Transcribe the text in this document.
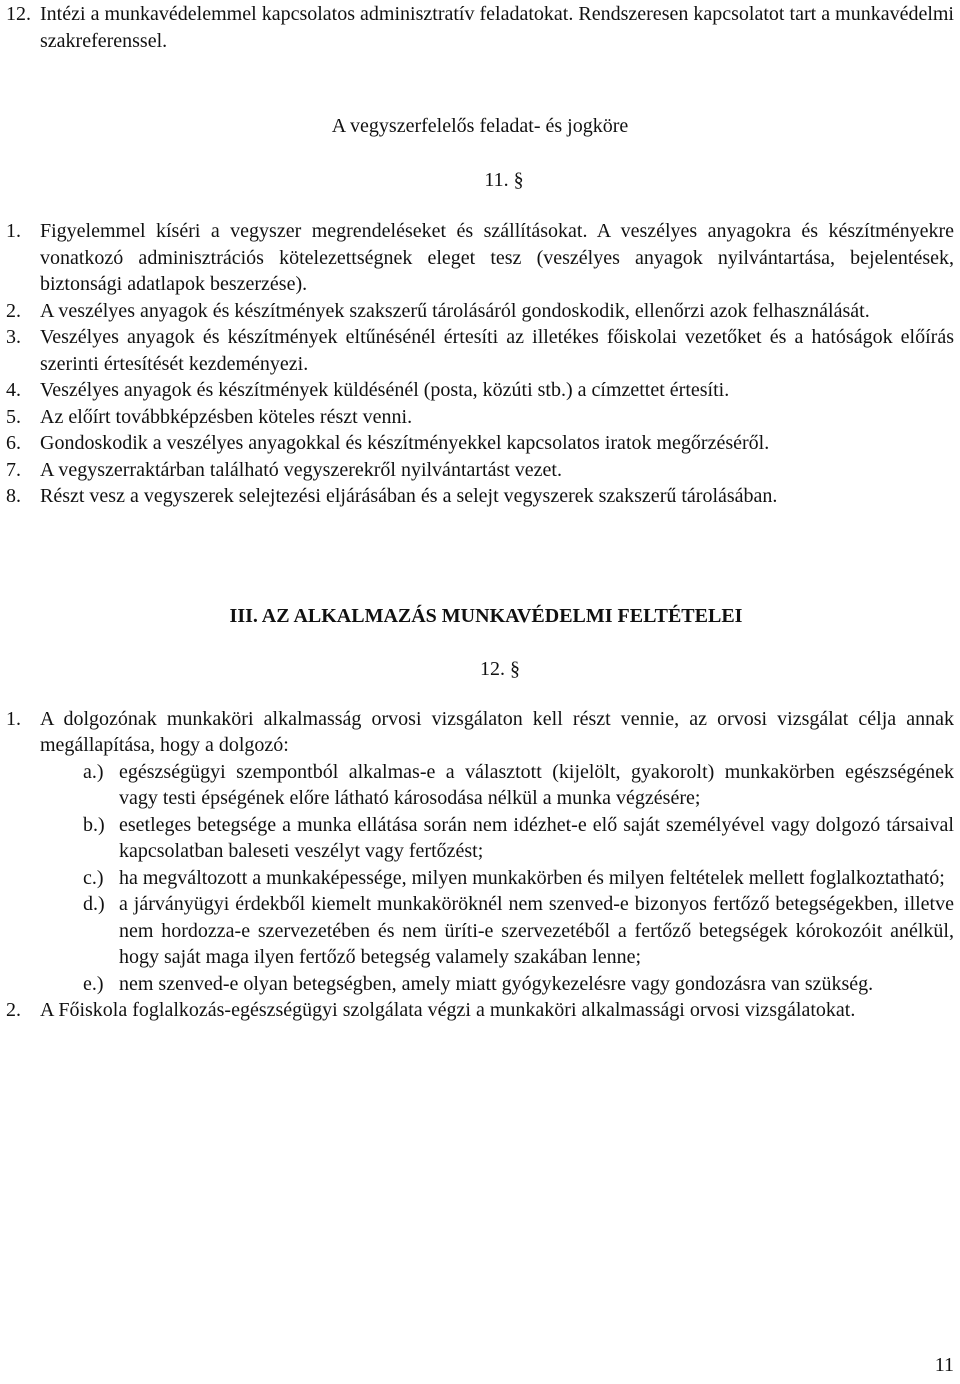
12. Intézi a munkavédelemmel kapcsolatos adminisztratív feladatokat. Rendszeresen kapcsolatot tart a munkavédelmi szakreferenssel.
A vegyszerfelelős feladat- és jogköre
11. §
1. Figyelemmel kíséri a vegyszer megrendeléseket és szállításokat. A veszélyes anyagokra és készítményekre vonatkozó adminisztrációs kötelezettségnek eleget tesz (veszélyes anyagok nyilvántartása, bejelentések, biztonsági adatlapok beszerzése).
2. A veszélyes anyagok és készítmények szakszerű tárolásáról gondoskodik, ellenőrzi azok felhasználását.
3. Veszélyes anyagok és készítmények eltűnésénél értesíti az illetékes főiskolai vezetőket és a hatóságok előírás szerinti értesítését kezdeményezi.
4. Veszélyes anyagok és készítmények küldésénél (posta, közúti stb.) a címzettet értesíti.
5. Az előírt továbbképzésben köteles részt venni.
6. Gondoskodik a veszélyes anyagokkal és készítményekkel kapcsolatos iratok megőrzéséről.
7. A vegyszerraktárban található vegyszerekről nyilvántartást vezet.
8. Részt vesz a vegyszerek selejtezési eljárásában és a selejt vegyszerek szakszerű tárolásában.
III. AZ ALKALMAZÁS MUNKAVÉDELMI FELTÉTELEI
12. §
1. A dolgozónak munkaköri alkalmasság orvosi vizsgálaton kell részt vennie, az orvosi vizsgálat célja annak megállapítása, hogy a dolgozó:
a.) egészségügyi szempontból alkalmas-e a választott (kijelölt, gyakorolt) munkakörben egészségének vagy testi épségének előre látható károsodása nélkül a munka végzésére;
b.) esetleges betegsége a munka ellátása során nem idézhet-e elő saját személyével vagy dolgozó társaival kapcsolatban baleseti veszélyt vagy fertőzést;
c.) ha megváltozott a munkaképessége, milyen munkakörben és milyen feltételek mellett foglalkoztatható;
d.) a járványügyi érdekből kiemelt munkaköröknél nem szenved-e bizonyos fertőző betegségekben, illetve nem hordozza-e szervezetében és nem üríti-e szervezetéből a fertőző betegségek kórokozóit anélkül, hogy saját maga ilyen fertőző betegség valamely szakában lenne;
e.) nem szenved-e olyan betegségben, amely miatt gyógykezelésre vagy gondozásra van szükség.
2. A Főiskola foglalkozás-egészségügyi szolgálata végzi a munkaköri alkalmassági orvosi vizsgálatokat.
11
